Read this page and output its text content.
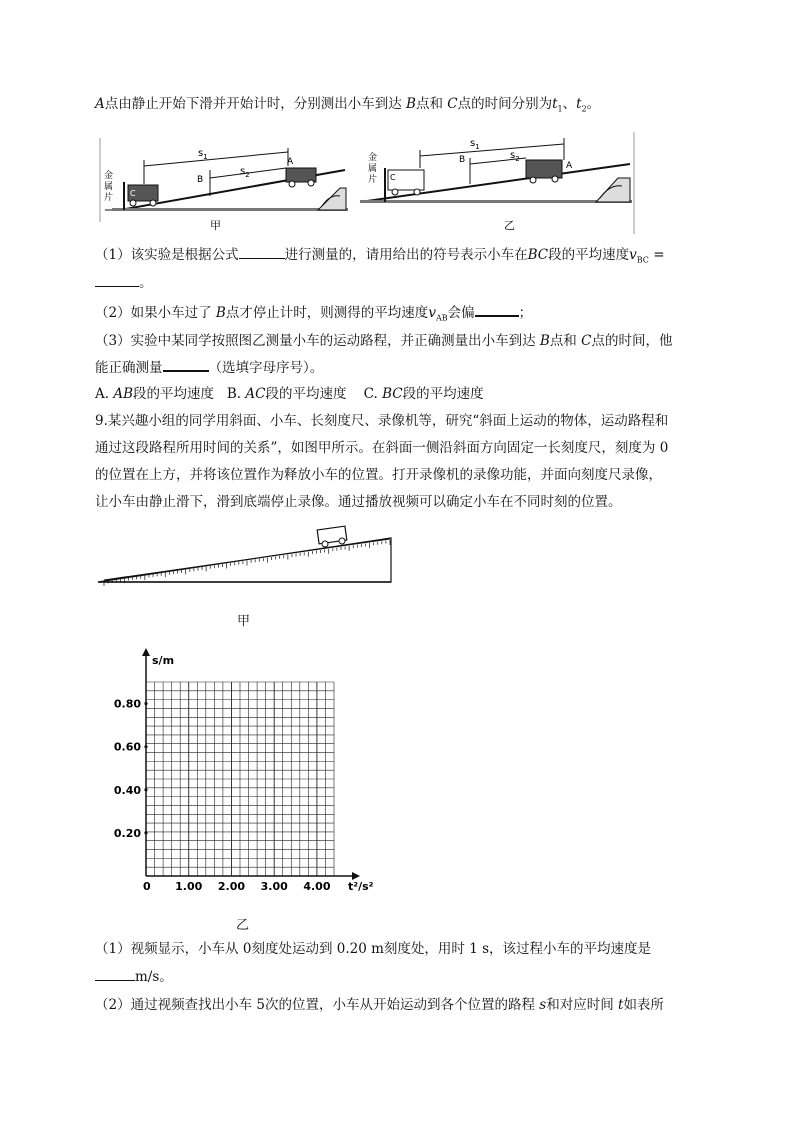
A点由静止开始下滑并开始计时，分别测出小车到达 B点和 C点的时间分别为$t_1$、$t_2$。
金
属
片 C
A
B
$s_1$
$s_2$
甲
金
属
片 C
A
B
$s_1$
$s_2$
乙
（1）该实验是根据公式	进行测量的，请用给出的符号表示小车在BC段的平均速度$v_{BC}$ =
。
（2）如果小车过了 B点才停止计时，则测得的平均速度$v_{AB}$会偏	；
（3）实验中某同学按照图乙测量小车的运动路程，并正确测量出小车到达 B点和 C点的时间，他
能正确测量	（选填字母序号）。
A. AB段的平均速度 B. AC段的平均速度 C. BC段的平均速度
9.某兴趣小组的同学用斜面、小车、长刻度尺、录像机等，研究“斜面上运动的物体，运动路程和
通过这段路程所用时间的关系”，如图甲所示。在斜面一侧沿斜面方向固定一长刻度尺，刻度为 0
的位置在上方，并将该位置作为释放小车的位置。打开录像机的录像功能，并面向刻度尺录像，
让小车由静止滑下，滑到底端停止录像。通过播放视频可以确定小车在不同时刻的位置。
甲
0.20
0.40
0.60
0.80
1.00 2.00 3.00 4.00
s/m
t²/s²
0
乙
（1）视频显示，小车从 0刻度处运动到 0.20 m刻度处，用时 1 s，该过程小车的平均速度是
m/s。
（2）通过视频查找出小车 5次的位置，小车从开始运动到各个位置的路程 s和对应时间 t如表所
